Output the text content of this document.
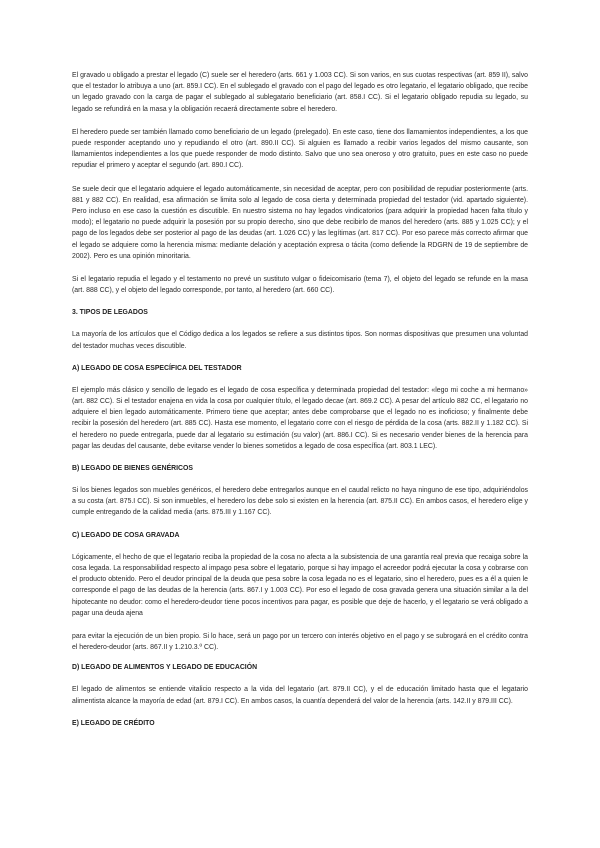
El gravado u obligado a prestar el legado (C) suele ser el heredero (arts. 661 y 1.003 CC). Si son varios, en sus cuotas respectivas (art. 859 II), salvo que el testador lo atribuya a uno (art. 859.I CC). En el sublegado el gravado con el pago del legado es otro legatario, el legatario obligado, que recibe un legado gravado con la carga de pagar el sublegado al sublegatario beneficiario (art. 858.I CC). Si el legatario obligado repudia su legado, su legado se refundirá en la masa y la obligación recaerá directamente sobre el heredero.

El heredero puede ser también llamado como beneficiario de un legado (prelegado). En este caso, tiene dos llamamientos independientes, a los que puede responder aceptando uno y repudiando el otro (art. 890.II CC). Si alguien es llamado a recibir varios legados del mismo causante, son llamamientos independientes a los que puede responder de modo distinto. Salvo que uno sea oneroso y otro gratuito, pues en este caso no puede repudiar el primero y aceptar el segundo (art. 890.I CC).

Se suele decir que el legatario adquiere el legado automáticamente, sin necesidad de aceptar, pero con posibilidad de repudiar posteriormente (arts. 881 y 882 CC). En realidad, esa afirmación se limita solo al legado de cosa cierta y determinada propiedad del testador (vid. apartado siguiente). Pero incluso en ese caso la cuestión es discutible. En nuestro sistema no hay legados vindicatorios (para adquirir la propiedad hacen falta título y modo); el legatario no puede adquirir la posesión por su propio derecho, sino que debe recibirlo de manos del heredero (arts. 885 y 1.025 CC); y el pago de los legados debe ser posterior al pago de las deudas (art. 1.026 CC) y las legítimas (art. 817 CC). Por eso parece más correcto afirmar que el legado se adquiere como la herencia misma: mediante delación y aceptación expresa o tácita (como defiende la RDGRN de 19 de septiembre de 2002). Pero es una opinión minoritaria.

Si el legatario repudia el legado y el testamento no prevé un sustituto vulgar o fideicomisario (tema 7), el objeto del legado se refunde en la masa (art. 888 CC), y el objeto del legado corresponde, por tanto, al heredero (art. 660 CC).

3. TIPOS DE LEGADOS

La mayoría de los artículos que el Código dedica a los legados se refiere a sus distintos tipos. Son normas dispositivas que presumen una voluntad del testador muchas veces discutible.

A) LEGADO DE COSA ESPECÍFICA DEL TESTADOR

El ejemplo más clásico y sencillo de legado es el legado de cosa específica y determinada propiedad del testador: «lego mi coche a mi hermano» (art. 882 CC). Si el testador enajena en vida la cosa por cualquier título, el legado decae (art. 869.2 CC). A pesar del artículo 882 CC, el legatario no adquiere el bien legado automáticamente. Primero tiene que aceptar; antes debe comprobarse que el legado no es inoficioso; y finalmente debe recibir la posesión del heredero (art. 885 CC). Hasta ese momento, el legatario corre con el riesgo de pérdida de la cosa (arts. 882.II y 1.182 CC). Si el heredero no puede entregarla, puede dar al legatario su estimación (su valor) (art. 886.I CC). Si es necesario vender bienes de la herencia para pagar las deudas del causante, debe evitarse vender lo bienes sometidos a legado de cosa específica (art. 803.1 LEC).

B) LEGADO DE BIENES GENÉRICOS

Si los bienes legados son muebles genéricos, el heredero debe entregarlos aunque en el caudal relicto no haya ninguno de ese tipo, adquiriéndolos a su costa (art. 875.I CC). Si son inmuebles, el heredero los debe solo si existen en la herencia (art. 875.II CC). En ambos casos, el heredero elige y cumple entregando de la calidad media (arts. 875.III y 1.167 CC).

C) LEGADO DE COSA GRAVADA

Lógicamente, el hecho de que el legatario reciba la propiedad de la cosa no afecta a la subsistencia de una garantía real previa que recaiga sobre la cosa legada. La responsabilidad respecto al impago pesa sobre el legatario, porque si hay impago el acreedor podrá ejecutar la cosa y cobrarse con el producto obtenido. Pero el deudor principal de la deuda que pesa sobre la cosa legada no es el legatario, sino el heredero, pues es a él a quien le corresponde el pago de las deudas de la herencia (arts. 867.I y 1.003 CC). Por eso el legado de cosa gravada genera una situación similar a la del hipotecante no deudor: como el heredero-deudor tiene pocos incentivos para pagar, es posible que deje de hacerlo, y el legatario se verá obligado a pagar una deuda ajena

para evitar la ejecución de un bien propio. Si lo hace, será un pago por un tercero con interés objetivo en el pago y se subrogará en el crédito contra el heredero-deudor (arts. 867.II y 1.210.3.º CC).

D) LEGADO DE ALIMENTOS Y LEGADO DE EDUCACIÓN

El legado de alimentos se entiende vitalicio respecto a la vida del legatario (art. 879.II CC), y el de educación limitado hasta que el legatario alimentista alcance la mayoría de edad (art. 879.I CC). En ambos casos, la cuantía dependerá del valor de la herencia (arts. 142.II y 879.III CC).

E) LEGADO DE CRÉDITO
